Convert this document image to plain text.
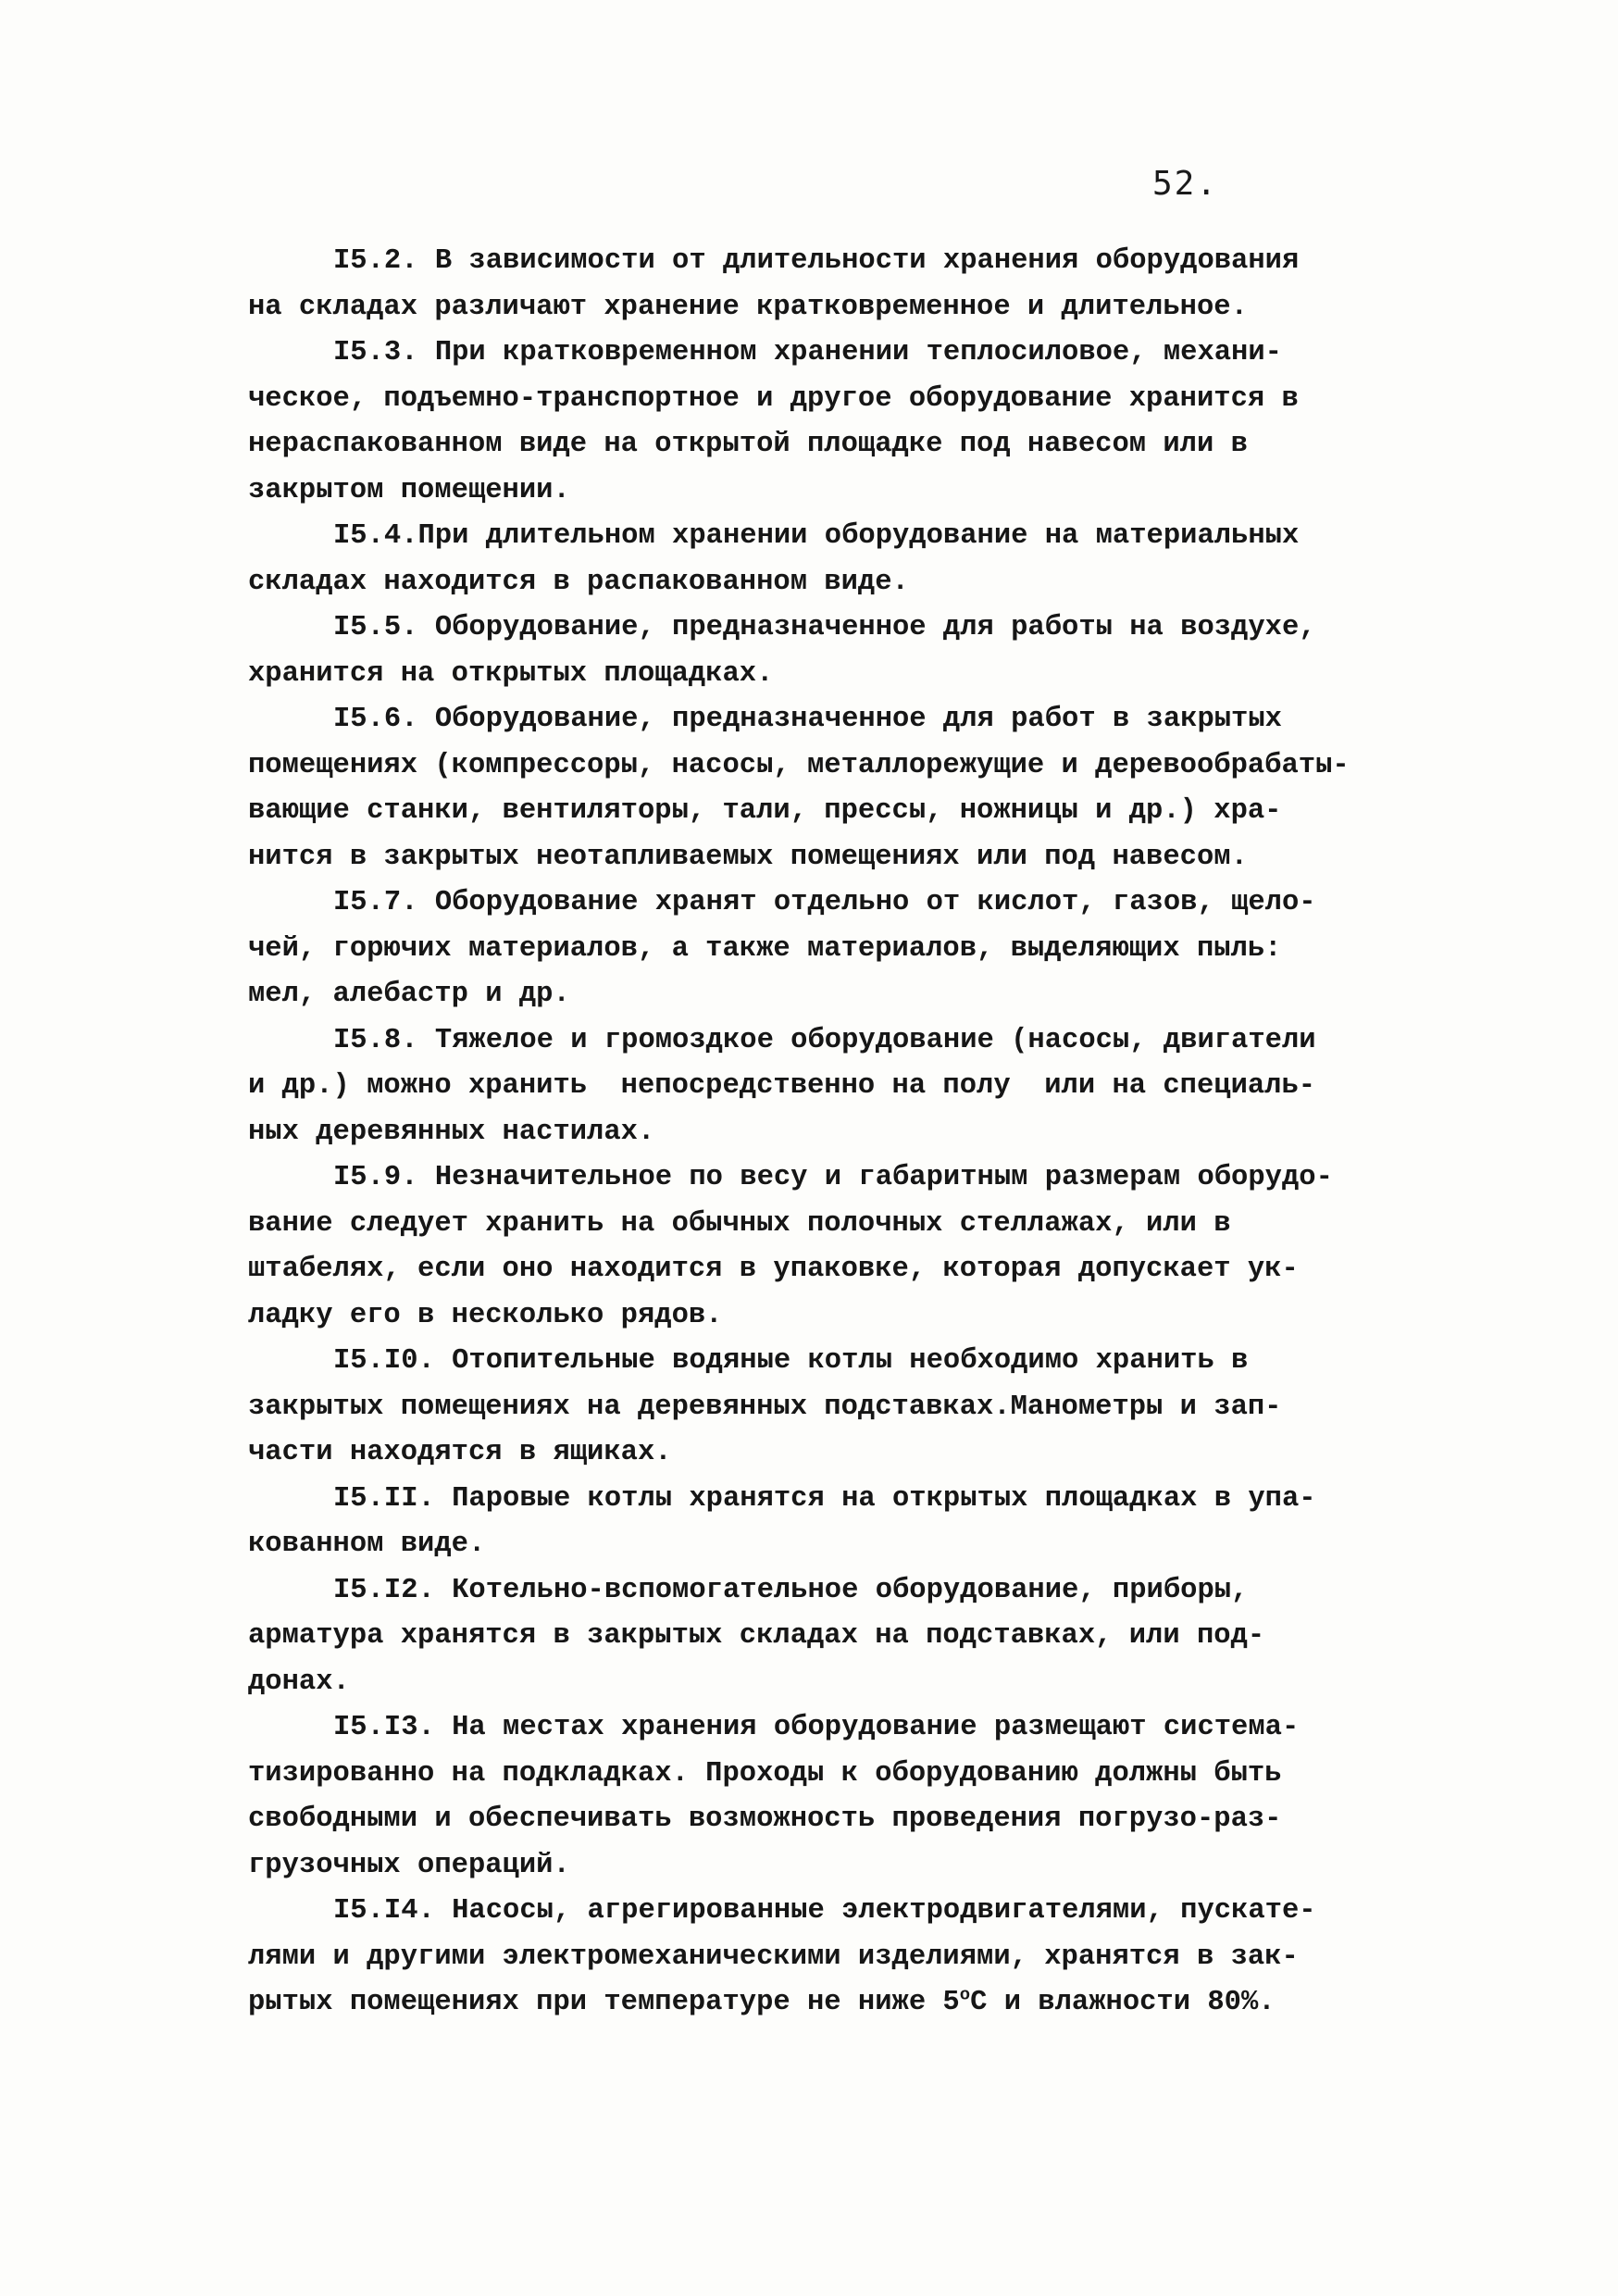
52.
I5.2. В зависимости от длительности хранения оборудования
на складах различают хранение кратковременное и длительное.
I5.3. При кратковременном хранении теплосиловое, механи-
ческое, подъемно-транспортное и другое оборудование хранится в
нераспакованном виде на открытой площадке под навесом или в
закрытом помещении.
I5.4.При длительном хранении оборудование на материальных
складах находится в распакованном виде.
I5.5. Оборудование, предназначенное для работы на воздухе,
хранится на открытых площадках.
I5.6. Оборудование, предназначенное для работ в закрытых
помещениях (компрессоры, насосы, металлорежущие и деревообрабаты-
вающие станки, вентиляторы, тали, прессы, ножницы и др.) хра-
нится в закрытых неотапливаемых помещениях или под навесом.
I5.7. Оборудование хранят отдельно от кислот, газов, щело-
чей, горючих материалов, а также материалов, выделяющих пыль:
мел, алебастр и др.
I5.8. Тяжелое и громоздкое оборудование (насосы, двигатели
и др.) можно хранить  непосредственно на полу  или на специаль-
ных деревянных настилах.
I5.9. Незначительное по весу и габаритным размерам оборудо-
вание следует хранить на обычных полочных стеллажах, или в
штабелях, если оно находится в упаковке, которая допускает ук-
ладку его в несколько рядов.
I5.I0. Отопительные водяные котлы необходимо хранить в
закрытых помещениях на деревянных подставках.Манометры и зап-
части находятся в ящиках.
I5.II. Паровые котлы хранятся на открытых площадках в упа-
кованном виде.
I5.I2. Котельно-вспомогательное оборудование, приборы,
арматура хранятся в закрытых складах на подставках, или под-
донах.
I5.I3. На местах хранения оборудование размещают система-
тизированно на подкладках. Проходы к оборудованию должны быть
свободными и обеспечивать возможность проведения погрузо-раз-
грузочных операций.
I5.I4. Насосы, агрегированные электродвигателями, пускате-
лями и другими электромеханическими изделиями, хранятся в зак-
рытых помещениях при температуре не ниже $5^оС$ и влажности 80%.
